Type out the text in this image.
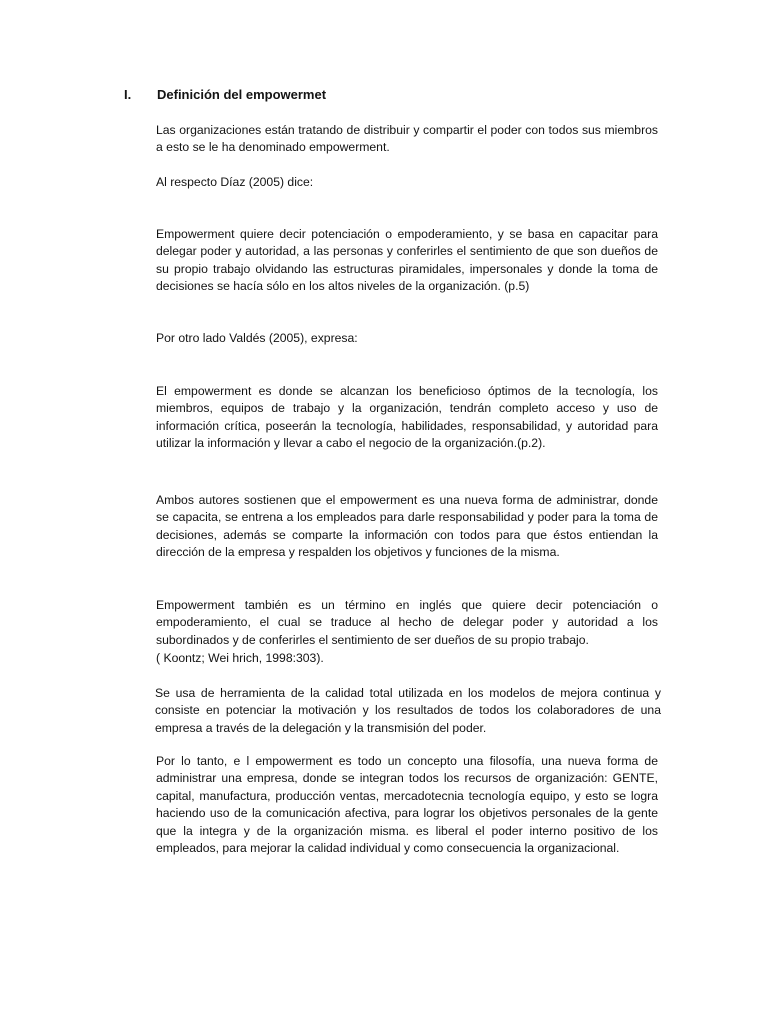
I. Definición del empowermet

Las organizaciones están tratando de distribuir y compartir el poder con todos sus miembros a esto se le ha denominado empowerment.

Al respecto Díaz (2005) dice:

Empowerment quiere decir potenciación o empoderamiento, y se basa en capacitar para delegar poder y autoridad, a las personas y conferirles el sentimiento de que son dueños de su propio trabajo olvidando las estructuras piramidales, impersonales y donde la toma de decisiones se hacía sólo en los altos niveles de la organización. (p.5)

Por otro lado Valdés (2005), expresa:

El empowerment es donde se alcanzan los beneficioso óptimos de la tecnología, los miembros, equipos de trabajo y la organización, tendrán completo acceso y uso de información crítica, poseerán la tecnología, habilidades, responsabilidad, y autoridad para utilizar la información y llevar a cabo el negocio de la organización.(p.2).

Ambos autores sostienen que el empowerment es una nueva forma de administrar, donde se capacita, se entrena a los empleados para darle responsabilidad y poder para la toma de decisiones, además se comparte la información con todos para que éstos entiendan la dirección de la empresa y respalden los objetivos y funciones de la misma.

Empowerment también es un término en inglés que quiere decir potenciación o empoderamiento, el cual se traduce al hecho de delegar poder y autoridad a los subordinados y de conferirles el sentimiento de ser dueños de su propio trabajo.

( Koontz; Wei hrich, 1998:303).

Se usa de herramienta de la calidad total utilizada en los modelos de mejora continua y consiste en potenciar la motivación y los resultados de todos los colaboradores de una empresa a través de la delegación y la transmisión del poder.

Por lo tanto, e l empowerment es todo un concepto una filosofía, una nueva forma de administrar una empresa, donde se integran todos los recursos de organización: GENTE, capital, manufactura, producción ventas, mercadotecnia tecnología equipo, y esto se logra haciendo uso de la comunicación afectiva, para lograr los objetivos personales de la gente que la integra y de la organización misma. es liberal el poder interno positivo de los empleados, para mejorar la calidad individual y como consecuencia la organizacional.
